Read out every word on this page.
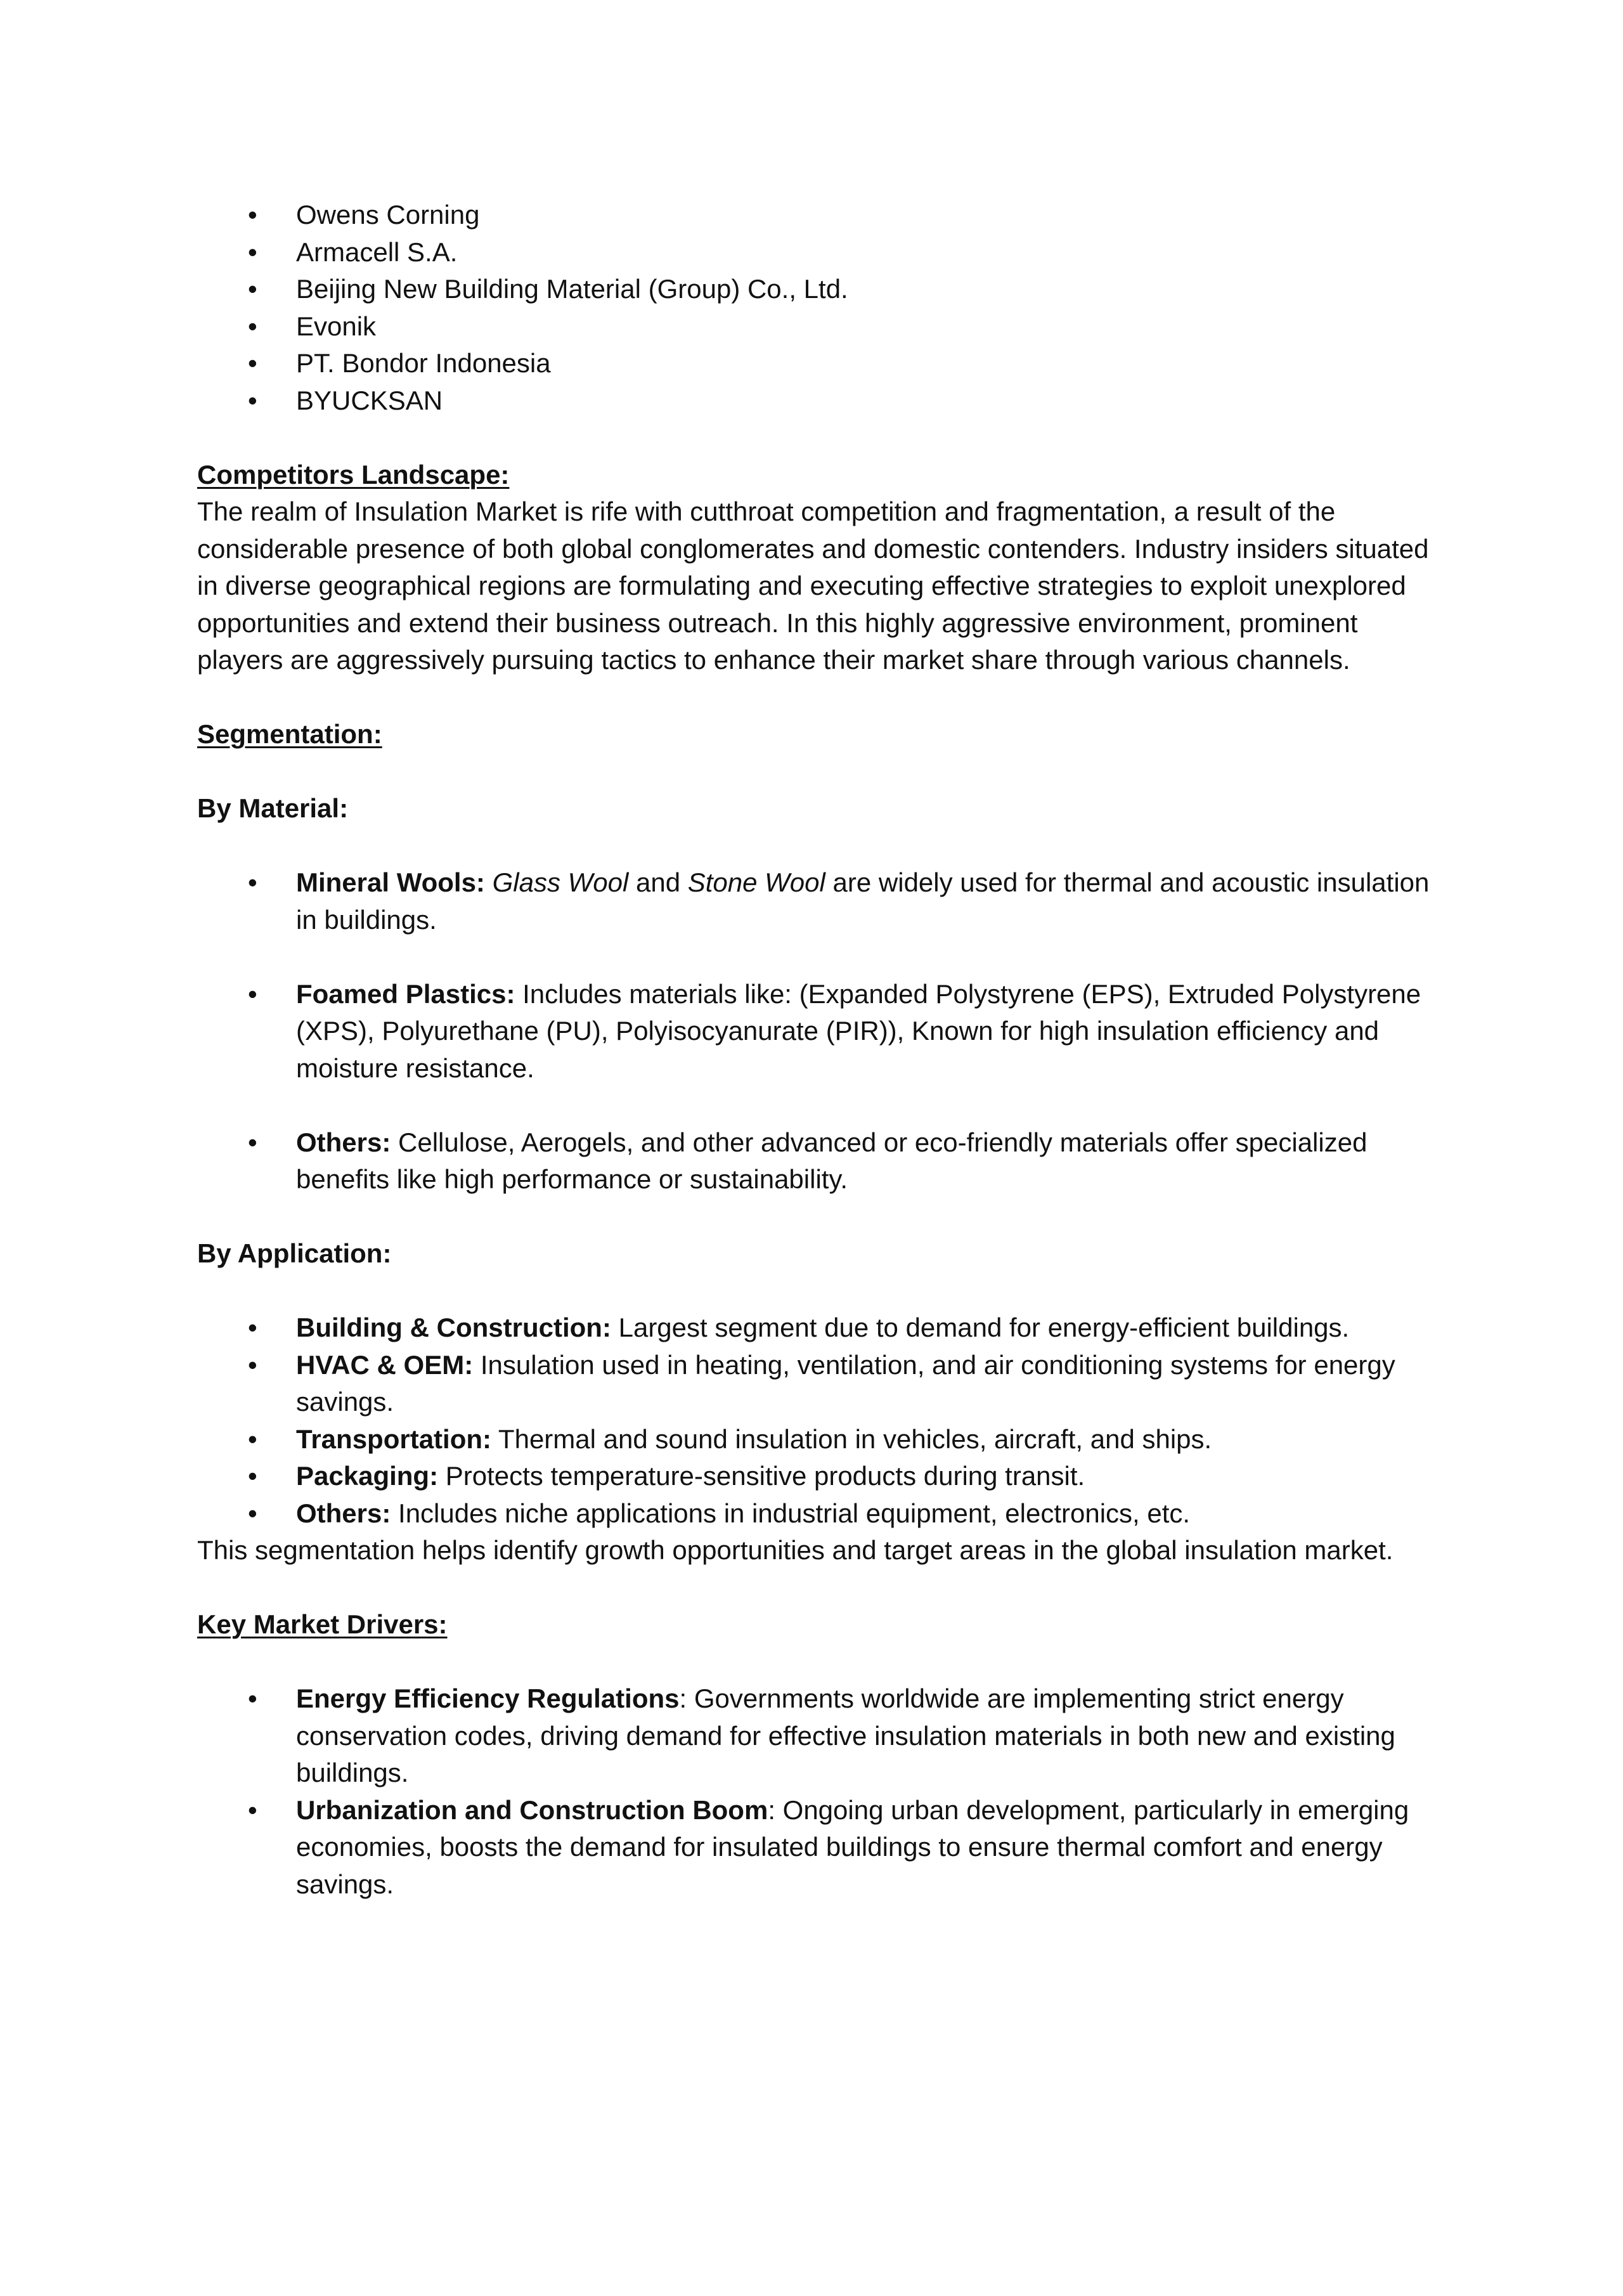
• Owens Corning
• Armacell S.A.
• Beijing New Building Material (Group) Co., Ltd.
• Evonik
• PT. Bondor Indonesia
• BYUCKSAN
Competitors Landscape:

The realm of Insulation Market is rife with cutthroat competition and fragmentation, a result of the considerable presence of both global conglomerates and domestic contenders. Industry insiders situated in diverse geographical regions are formulating and executing effective strategies to exploit unexplored opportunities and extend their business outreach. In this highly aggressive environment, prominent players are aggressively pursuing tactics to enhance their market share through various channels.

Segmentation:
By Material:
• Mineral Wools: Glass Wool and Stone Wool are widely used for thermal and acoustic insulation in buildings.
• Foamed Plastics: Includes materials like: (Expanded Polystyrene (EPS), Extruded Polystyrene (XPS), Polyurethane (PU), Polyisocyanurate (PIR)), Known for high insulation efficiency and moisture resistance.
• Others: Cellulose, Aerogels, and other advanced or eco-friendly materials offer specialized benefits like high performance or sustainability.
By Application:
• Building & Construction: Largest segment due to demand for energy-efficient buildings.
• HVAC & OEM: Insulation used in heating, ventilation, and air conditioning systems for energy savings.
• Transportation: Thermal and sound insulation in vehicles, aircraft, and ships.
• Packaging: Protects temperature-sensitive products during transit.
• Others: Includes niche applications in industrial equipment, electronics, etc.

This segmentation helps identify growth opportunities and target areas in the global insulation market.

Key Market Drivers:
• Energy Efficiency Regulations: Governments worldwide are implementing strict energy conservation codes, driving demand for effective insulation materials in both new and existing buildings.
• Urbanization and Construction Boom: Ongoing urban development, particularly in emerging economies, boosts the demand for insulated buildings to ensure thermal comfort and energy savings.
